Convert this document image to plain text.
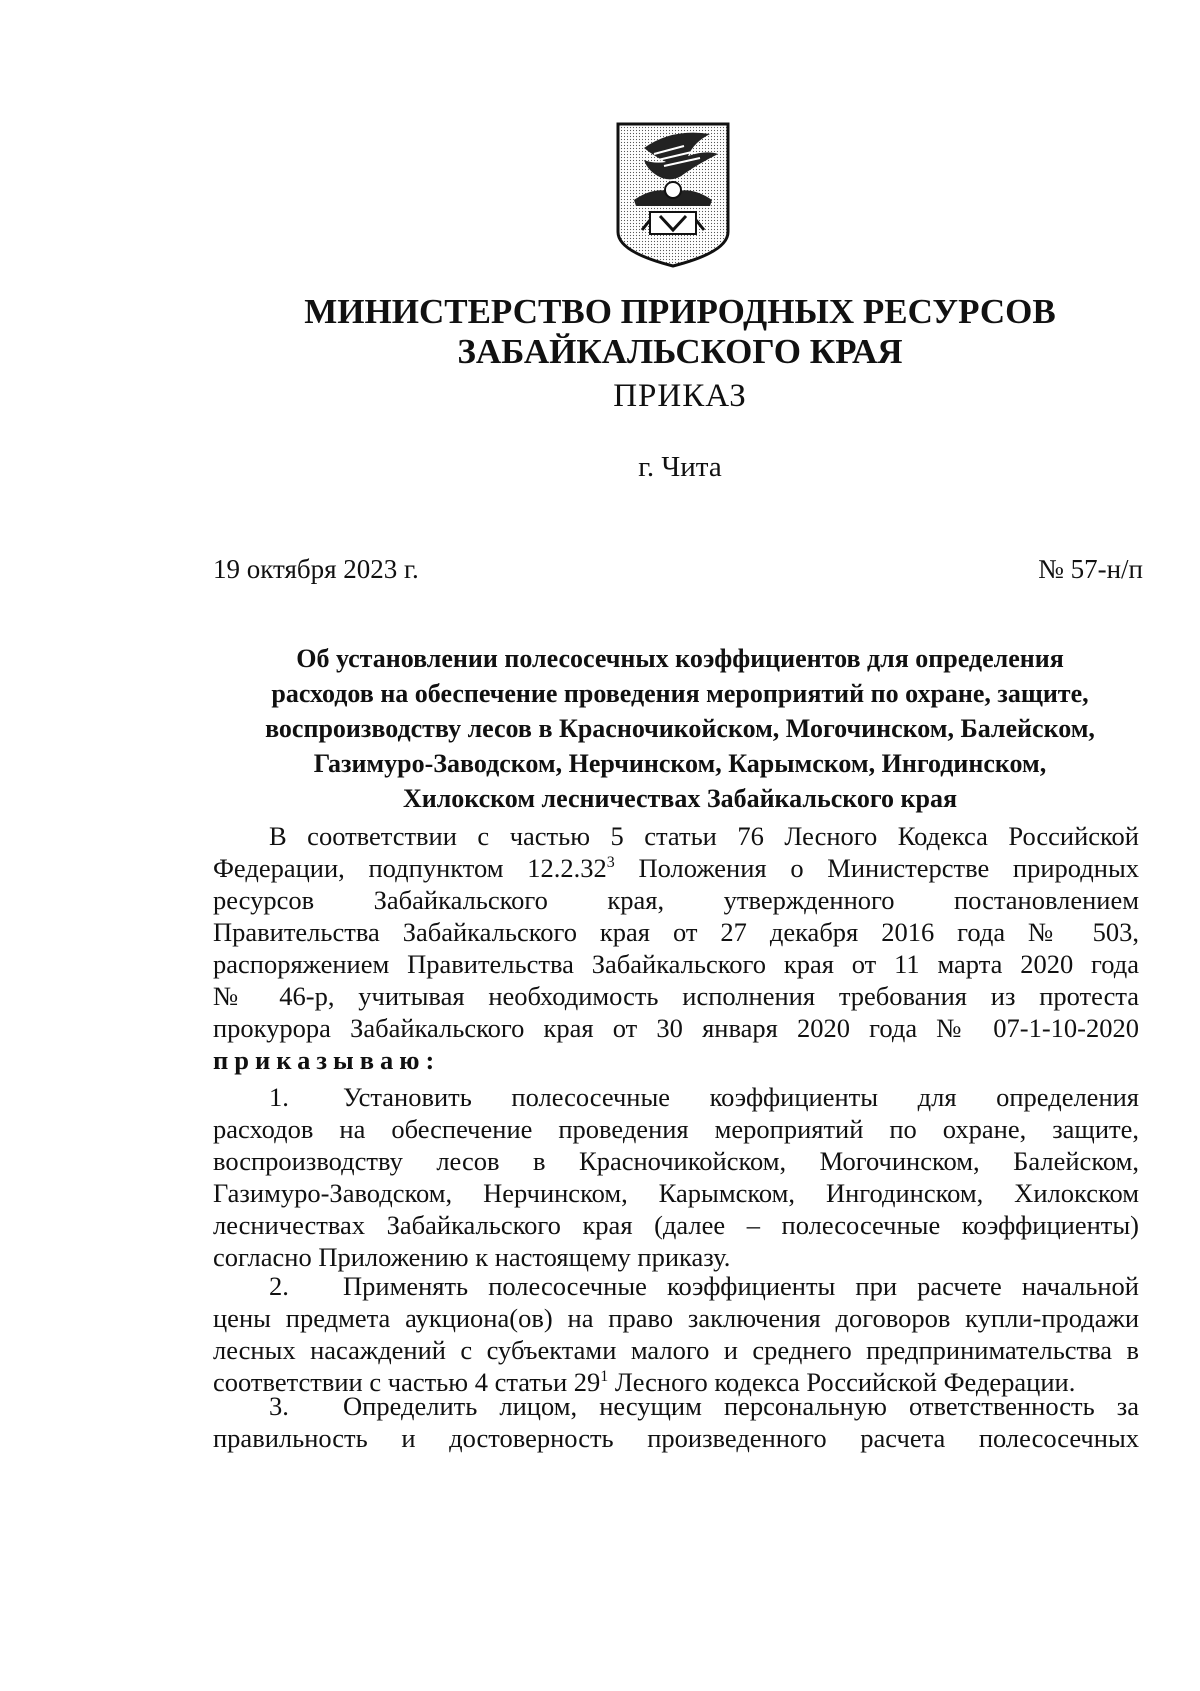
МИНИСТЕРСТВО ПРИРОДНЫХ РЕСУРСОВ
ЗАБАЙКАЛЬСКОГО КРАЯ
ПРИКАЗ
г. Чита
19 октября 2023 г.	№ 57-н/п
Об установлении полесосечных коэффициентов для определения
расходов на обеспечение проведения мероприятий по охране, защите,
воспроизводству лесов в Красночикойском, Могочинском, Балейском,
Газимуро-Заводском, Нерчинском, Карымском, Ингодинском,
Хилокском лесничествах Забайкальского края
В соответствии с частью 5 статьи 76 Лесного Кодекса Российской
Федерации, подпунктом 12.2.32$^3$ Положения о Министерстве природных
ресурсов Забайкальского края, утвержденного постановлением
Правительства Забайкальского края от 27 декабря 2016 года № 503,
распоряжением Правительства Забайкальского края от 11 марта 2020 года
№ 46-р, учитывая необходимость исполнения требования из протеста
прокурора Забайкальского края от 30 января 2020 года № 07-1-10-2020
приказываю:
1. Установить полесосечные коэффициенты для определения
расходов на обеспечение проведения мероприятий по охране, защите,
воспроизводству лесов в Красночикойском, Могочинском, Балейском,
Газимуро-Заводском, Нерчинском, Карымском, Ингодинском, Хилокском
лесничествах Забайкальского края (далее – полесосечные коэффициенты)
согласно Приложению к настоящему приказу.
2. Применять полесосечные коэффициенты при расчете начальной
цены предмета аукциона(ов) на право заключения договоров купли-продажи
лесных насаждений с субъектами малого и среднего предпринимательства в
соответствии с частью 4 статьи $29^1$ Лесного кодекса Российской Федерации.
3. Определить лицом, несущим персональную ответственность за
правильность и достоверность произведенного расчета полесосечных
